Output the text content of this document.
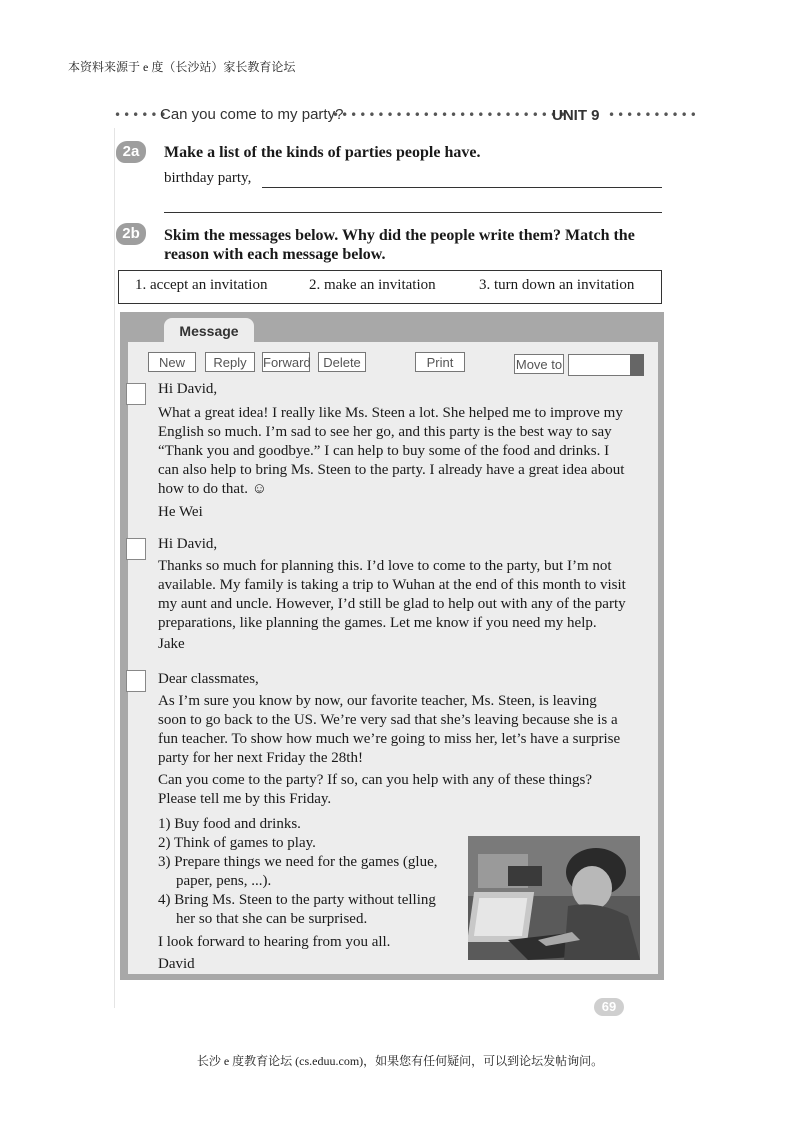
本资料来源于 e 度（长沙站）家长教育论坛
••••••
Can you come to my party?
••••••••••••••••••••••••••
UNIT 9 ••••••••••
2a	Make a list of the kinds of parties people have.
birthday party,
2b	Skim the messages below. Why did the people write them? Match the
reason with each message below.
1. accept an invitation	2. make an invitation	3. turn down an invitation
Message
New	Reply	Forward Delete	Print	Move to

Hi David,

What a great idea! I really like Ms. Steen a lot. She helped me to improve my

English so much. I’m sad to see her go, and this party is the best way to say

“Thank you and goodbye.” I can help to buy some of the food and drinks. I

can also help to bring Ms. Steen to the party. I already have a great idea about

how to do that. ☺

He Wei

Hi David,

Thanks so much for planning this. I’d love to come to the party, but I’m not

available. My family is taking a trip to Wuhan at the end of this month to visit

my aunt and uncle. However, I’d still be glad to help out with any of the party

preparations, like planning the games. Let me know if you need my help.

Jake

Dear classmates,

As I’m sure you know by now, our favorite teacher, Ms. Steen, is leaving

soon to go back to the US. We’re very sad that she’s leaving because she is a

fun teacher. To show how much we’re going to miss her, let’s have a surprise

party for her next Friday the 28th!

Can you come to the party? If so, can you help with any of these things?

Please tell me by this Friday.

1) Buy food and drinks.

2) Think of games to play.

3) Prepare things we need for the games (glue,

paper, pens, ...).

4) Bring Ms. Steen to the party without telling

her so that she can be surprised.

I look forward to hearing from you all.

David

69
长沙 e 度教育论坛 (cs.eduu.com)，如果您有任何疑问，可以到论坛发帖询问。
